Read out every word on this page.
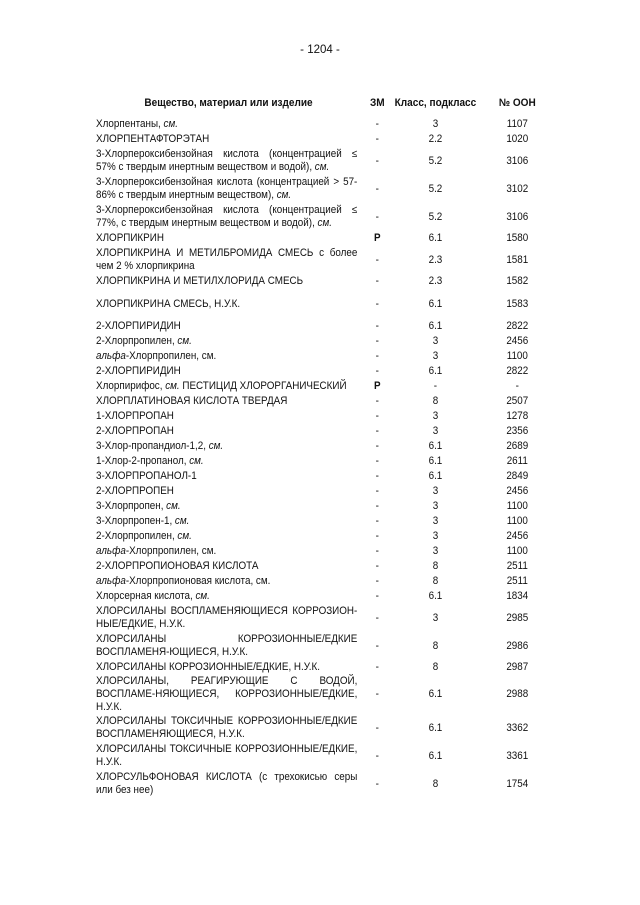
- 1204 -
Вещество, материал или изделие	ЗМ	Класс, подкласс	№ ООН
Хлорпентаны, см.	-	3	1107
ХЛОРПЕНТАФТОРЭТАН	-	2.2	1020
3-Хлорпероксибензойная кислота (концентрацией ≤ 57% с твердым инертным веществом и водой), см.	-	5.2	3106
3-Хлорпероксибензойная кислота (концентрацией > 57-86% с твердым инертным веществом), см.	-	5.2	3102
3-Хлорпероксибензойная кислота (концентрацией ≤ 77%, с твердым инертным веществом и водой), см.	-	5.2	3106
ХЛОРПИКРИН	Р	6.1	1580
ХЛОРПИКРИНА И МЕТИЛБРОМИДА СМЕСЬ с более чем 2 % хлорпикрина	-	2.3	1581
ХЛОРПИКРИНА И МЕТИЛХЛОРИДА СМЕСЬ	-	2.3	1582
ХЛОРПИКРИНА СМЕСЬ, Н.У.К.	-	6.1	1583
2-ХЛОРПИРИДИН	-	6.1	2822
2-Хлорпропилен, см.	-	3	2456
альфа-Хлорпропилен, см.	-	3	1100
2-ХЛОРПИРИДИН	-	6.1	2822
Хлорпирифос, см. ПЕСТИЦИД ХЛОРОРГАНИЧЕСКИЙ	Р	-	-
ХЛОРПЛАТИНОВАЯ КИСЛОТА ТВЕРДАЯ	-	8	2507
1-ХЛОРПРОПАН	-	3	1278
2-ХЛОРПРОПАН	-	3	2356
3-Хлор-пропандиол-1,2, см.	-	6.1	2689
1-Хлор-2-пропанол, см.	-	6.1	2611
3-ХЛОРПРОПАНОЛ-1	-	6.1	2849
2-ХЛОРПРОПЕН	-	3	2456
3-Хлорпропен, см.	-	3	1100
3-Хлорпропен-1, см.	-	3	1100
2-Хлорпропилен, см.	-	3	2456
альфа-Хлорпропилен, см.	-	3	1100
2-ХЛОРПРОПИОНОВАЯ КИСЛОТА	-	8	2511
альфа-Хлорпропионовая кислота, см.	-	8	2511
Хлорсерная кислота, см.	-	6.1	1834
ХЛОРСИЛАНЫ ВОСПЛАМЕНЯЮЩИЕСЯ КОРРОЗИОН-НЫЕ/ЕДКИЕ, Н.У.К.	-	3	2985
ХЛОРСИЛАНЫ КОРРОЗИОННЫЕ/ЕДКИЕ ВОСПЛАМЕНЯ-ЮЩИЕСЯ, Н.У.К.	-	8	2986
ХЛОРСИЛАНЫ КОРРОЗИОННЫЕ/ЕДКИЕ, Н.У.К.	-	8	2987
ХЛОРСИЛАНЫ, РЕАГИРУЮЩИЕ С ВОДОЙ, ВОСПЛАМЕ-НЯЮЩИЕСЯ, КОРРОЗИОННЫЕ/ЕДКИЕ, Н.У.К.	-	6.1	2988
ХЛОРСИЛАНЫ ТОКСИЧНЫЕ КОРРОЗИОННЫЕ/ЕДКИЕ ВОСПЛАМЕНЯЮЩИЕСЯ, Н.У.К.	-	6.1	3362
ХЛОРСИЛАНЫ ТОКСИЧНЫЕ КОРРОЗИОННЫЕ/ЕДКИЕ, Н.У.К.	-	6.1	3361
ХЛОРСУЛЬФОНОВАЯ КИСЛОТА (с трехокисью серы или без нее)	-	8	1754
